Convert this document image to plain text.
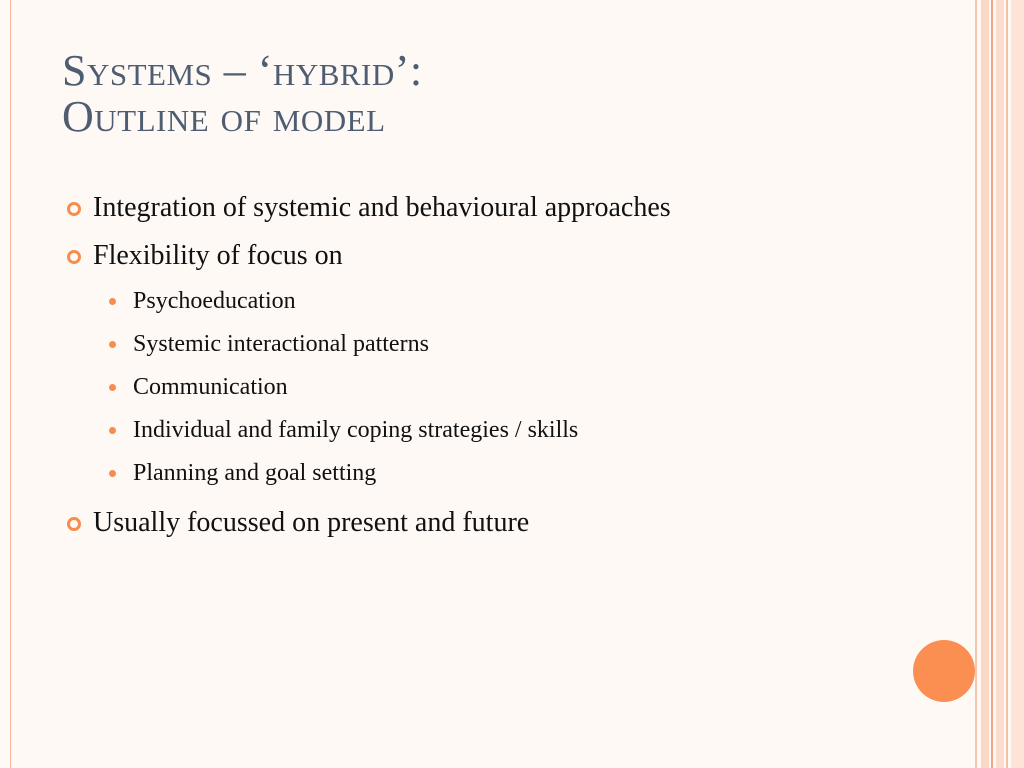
Systems – ‘hybrid’:
Outline of model
Integration of systemic and behavioural approaches
Flexibility of focus on
Psychoeducation
Systemic interactional patterns
Communication
Individual and family coping strategies / skills
Planning and goal setting
Usually focussed on present and future
